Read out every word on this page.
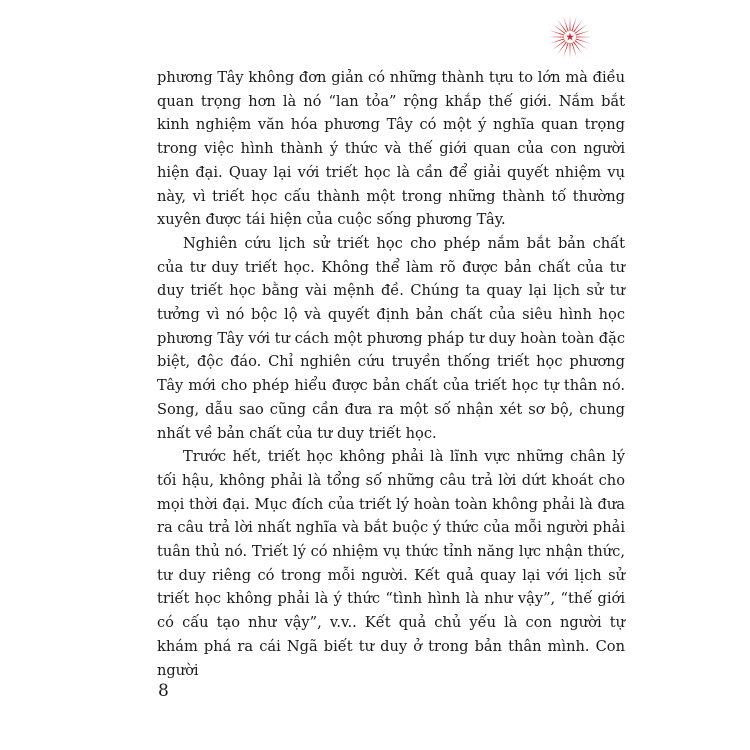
phương Tây không đơn giản có những thành tựu to lớn mà điều quan trọng hơn là nó “lan tỏa” rộng khắp thế giới. Nắm bắt kinh nghiệm văn hóa phương Tây có một ý nghĩa quan trọng trong việc hình thành ý thức và thế giới quan của con người hiện đại. Quay lại với triết học là cần để giải quyết nhiệm vụ này, vì triết học cấu thành một trong những thành tố thường xuyên được tái hiện của cuộc sống phương Tây.

Nghiên cứu lịch sử triết học cho phép nắm bắt bản chất của tư duy triết học. Không thể làm rõ được bản chất của tư duy triết học bằng vài mệnh đề. Chúng ta quay lại lịch sử tư tưởng vì nó bộc lộ và quyết định bản chất của siêu hình học phương Tây với tư cách một phương pháp tư duy hoàn toàn đặc biệt, độc đáo. Chỉ nghiên cứu truyền thống triết học phương Tây mới cho phép hiểu được bản chất của triết học tự thân nó. Song, dẫu sao cũng cần đưa ra một số nhận xét sơ bộ, chung nhất về bản chất của tư duy triết học.

Trước hết, triết học không phải là lĩnh vực những chân lý tối hậu, không phải là tổng số những câu trả lời dứt khoát cho mọi thời đại. Mục đích của triết lý hoàn toàn không phải là đưa ra câu trả lời nhất nghĩa và bắt buộc ý thức của mỗi người phải tuân thủ nó. Triết lý có nhiệm vụ thức tỉnh năng lực nhận thức, tư duy riêng có trong mỗi người. Kết quả quay lại với lịch sử triết học không phải là ý thức “tình hình là như vậy”, “thế giới có cấu tạo như vậy”, v.v.. Kết quả chủ yếu là con người tự khám phá ra cái Ngã biết tư duy ở trong bản thân mình. Con người

8
